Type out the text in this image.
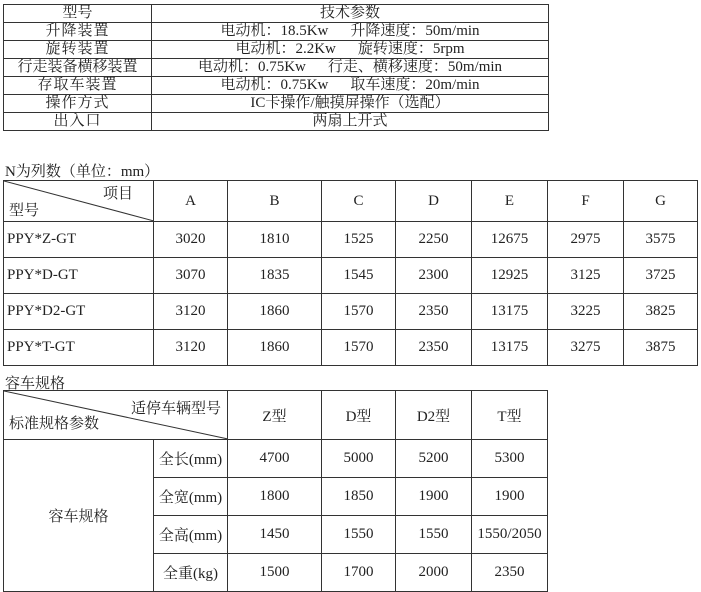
型号	技术参数
升降装置	电动机：18.5Kw 升降速度：50m/min
旋转装置	电动机：2.2Kw 旋转速度：5rpm
行走装备横移装置	电动机：0.75Kw 行走、横移速度：50m/min
存取车装置	电动机：0.75Kw 取车速度：20m/min
操作方式	IC卡操作/触摸屏操作（选配）
出入口	两扇上开式
N为列数（单位：mm）
项目
型号	A	B	C	D	E	F	G
PPY*Z-GT	3020	1810	1525	2250	12675	2975	3575
PPY*D-GT	3070	1835	1545	2300	12925	3125	3725
PPY*D2-GT	3120	1860	1570	2350	13175	3225	3825
PPY*T-GT	3120	1860	1570	2350	13175	3275	3875
容车规格
适停车辆型号
标准规格参数		Z型	D型	D2型	T型
容车规格	全长(mm)	4700	5000	5200	5300
	全宽(mm)	1800	1850	1900	1900
	全高(mm)	1450	1550	1550	1550/2050
	全重(kg)	1500	1700	2000	2350
